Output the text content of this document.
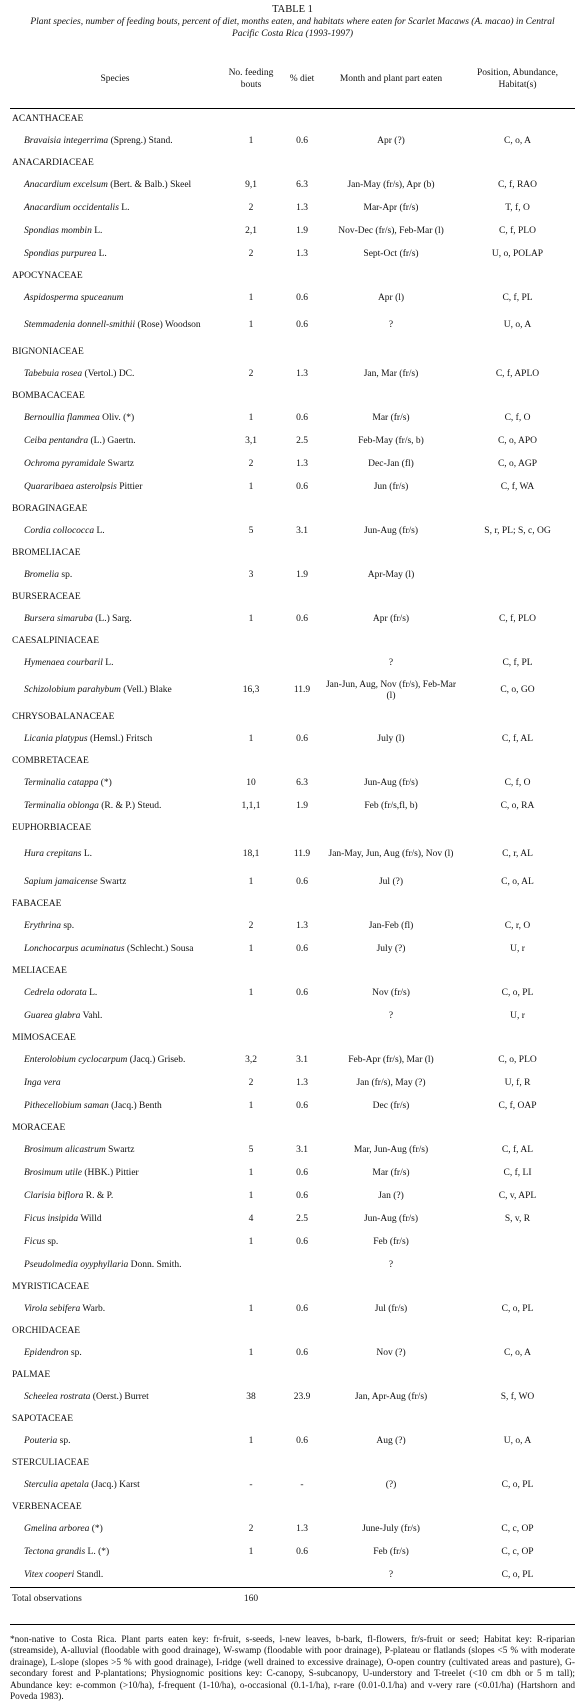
TABLE 1
Plant species, number of feeding bouts, percent of diet, months eaten, and habitats where eaten for Scarlet Macaws (A. macao) in Central Pacific Costa Rica (1993-1997)
Species	No. feeding bouts	% diet	Month and plant part eaten	Position, Abundance, Habitat(s)
ACANTHACEAE				
Bravaisia integerrima (Spreng.) Stand.	1	0.6	Apr (?)	C, o, A
ANACARDIACEAE				
Anacardium excelsum (Bert. & Balb.) Skeel	9,1	6.3	Jan-May (fr/s), Apr (b)	C, f, RAO
Anacardium occidentalis L.	2	1.3	Mar-Apr (fr/s)	T, f, O
Spondias mombin L.	2,1	1.9	Nov-Dec (fr/s), Feb-Mar (l)	C, f, PLO
Spondias purpurea L.	2	1.3	Sept-Oct (fr/s)	U, o, POLAP
APOCYNACEAE				
Aspidosperma spuceanum	1	0.6	Apr (l)	C, f, PL
Stemmadenia donnell-smithii (Rose) Woodson	1	0.6	?	U, o, A
BIGNONIACEAE				
Tabebuia rosea (Vertol.) DC.	2	1.3	Jan, Mar (fr/s)	C, f, APLO
BOMBACACEAE				
Bernoullia flammea Oliv. (*)	1	0.6	Mar (fr/s)	C, f, O
Ceiba pentandra (L.) Gaertn.	3,1	2.5	Feb-May (fr/s, b)	C, o, APO
Ochroma pyramidale Swartz	2	1.3	Dec-Jan (fl)	C, o, AGP
Quararibaea asterolpsis Pittier	1	0.6	Jun (fr/s)	C, f, WA
BORAGINAGEAE				
Cordia collococca L.	5	3.1	Jun-Aug (fr/s)	S, r, PL; S, c, OG
BROMELIACAE				
Bromelia sp.	3	1.9	Apr-May (l)	
BURSERACEAE				
Bursera simaruba (L.) Sarg.	1	0.6	Apr (fr/s)	C, f, PLO
CAESALPINIACEAE				
Hymenaea courbaril L.			?	C, f, PL
Schizolobium parahybum (Vell.) Blake	16,3	11.9	Jan-Jun, Aug, Nov (fr/s), Feb-Mar (l)	C, o, GO
CHRYSOBALANACEAE				
Licania platypus (Hemsl.) Fritsch	1	0.6	July (l)	C, f, AL
COMBRETACEAE				
Terminalia catappa (*)	10	6.3	Jun-Aug (fr/s)	C, f, O
Terminalia oblonga (R. & P.) Steud.	1,1,1	1.9	Feb (fr/s,fl, b)	C, o, RA
EUPHORBIACEAE				
Hura crepitans L.	18,1	11.9	Jan-May, Jun, Aug (fr/s), Nov (l)	C, r, AL
Sapium jamaicense Swartz	1	0.6	Jul (?)	C, o, AL
FABACEAE				
Erythrina sp.	2	1.3	Jan-Feb (fl)	C, r, O
Lonchocarpus acuminatus (Schlecht.) Sousa	1	0.6	July (?)	U, r
MELIACEAE				
Cedrela odorata L.	1	0.6	Nov (fr/s)	C, o, PL
Guarea glabra Vahl.			?	U, r
MIMOSACEAE				
Enterolobium cyclocarpum (Jacq.) Griseb.	3,2	3.1	Feb-Apr (fr/s), Mar (l)	C, o, PLO
Inga vera	2	1.3	Jan (fr/s), May (?)	U, f, R
Pithecellobium saman (Jacq.) Benth	1	0.6	Dec (fr/s)	C, f, OAP
MORACEAE				
Brosimum alicastrum Swartz	5	3.1	Mar, Jun-Aug (fr/s)	C, f, AL
Brosimum utile (HBK.) Pittier	1	0.6	Mar (fr/s)	C, f, LI
Clarisia biflora R. & P.	1	0.6	Jan (?)	C, v, APL
Ficus insipida Willd	4	2.5	Jun-Aug (fr/s)	S, v, R
Ficus sp.	1	0.6	Feb (fr/s)	
Pseudolmedia oyyphyllaria Donn. Smith.			?	
MYRISTICACEAE				
Virola sebifera Warb.	1	0.6	Jul (fr/s)	C, o, PL
ORCHIDACEAE				
Epidendron sp.	1	0.6	Nov (?)	C, o, A
PALMAE				
Scheelea rostrata (Oerst.) Burret	38	23.9	Jan, Apr-Aug (fr/s)	S, f, WO
SAPOTACEAE				
Pouteria sp.	1	0.6	Aug (?)	U, o, A
STERCULIACEAE				
Sterculia apetala (Jacq.) Karst	-	-	(?)	C, o, PL
VERBENACEAE				
Gmelina arborea (*)	2	1.3	June-July (fr/s)	C, c, OP
Tectona grandis L. (*)	1	0.6	Feb (fr/s)	C, c, OP
Vitex cooperi Standl.			?	C, o, PL
Total observations	160			
*non-native to Costa Rica. Plant parts eaten key: fr-fruit, s-seeds, l-new leaves, b-bark, fl-flowers, fr/s-fruit or seed; Habitat key: R-riparian (streamside), A-alluvial (floodable with good drainage), W-swamp (floodable with poor drainage), P-plateau or flatlands (slopes <5 % with moderate drainage), L-slope (slopes >5 % with good drainage), I-ridge (well drained to excessive drainage), O-open country (cultivated areas and pasture), G-secondary forest and P-plantations; Physiognomic positions key: C-canopy, S-subcanopy, U-understory and T-treelet (<10 cm dbh or 5 m tall); Abundance key: e-common (>10/ha), f-frequent (1-10/ha), o-occasional (0.1-1/ha), r-rare (0.01-0.1/ha) and v-very rare (<0.01/ha) (Hartshorn and Poveda 1983).
